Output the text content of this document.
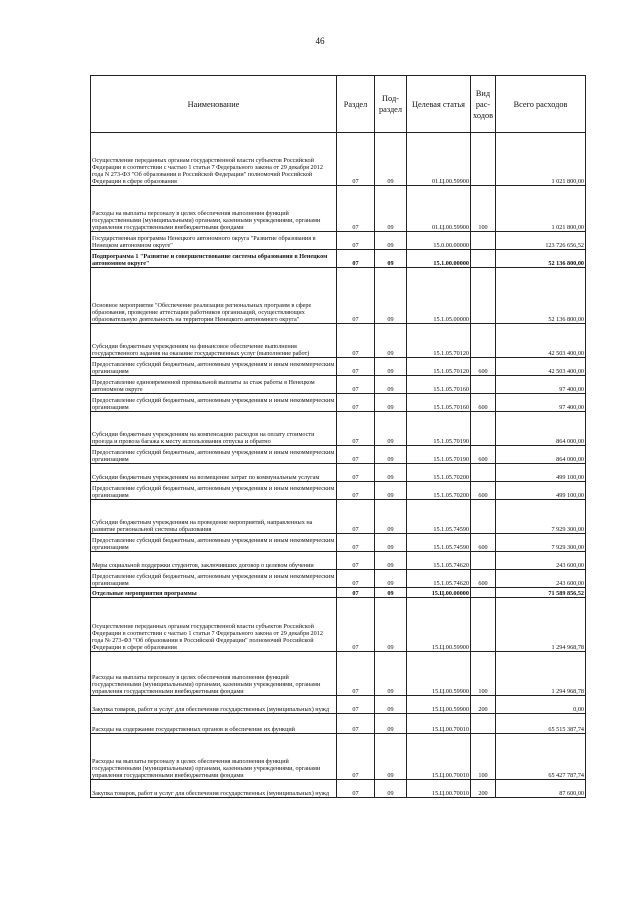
46
Наименование	Раздел	Под-раздел	Целевая статья	Вид рас-ходов	Всего расходов
Осуществление переданных органам государственной власти субъектов Российской Федерации в соответствии с частью 1 статьи 7 Федерального закона от 29 декабря 2012 года N 273-ФЗ "Об образовании в Российской Федерации" полномочий Российской Федерации в сфере образования	07	09	01.Ц.00.59900		1 021 800,00
Расходы на выплаты персоналу в целях обеспечения выполнения функций государственными (муниципальными) органами, казенными учреждениями, органами управления государственными внебюджетными фондами	07	09	01.Ц.00.59900	100	1 021 800,00
Государственная программа Ненецкого автономного округа "Развитие образования в Ненецком автономном округе"	07	09	15.0.00.00000		123 726 656,52
Подпрограмма 1 "Развитие и совершенствование системы образования в Ненецком автономном округе"	07	09	15.1.00.00000		52 136 800,00
Основное мероприятие "Обеспечение реализации региональных программ в сфере образования, проведение аттестации работников организаций, осуществляющих образовательную деятельность на территории Ненецкого автономного округа"	07	09	15.1.05.00000		52 136 800,00
Субсидии бюджетным учреждениям на финансовое обеспечение выполнения государственного задания на оказание государственных услуг (выполнение работ)	07	09	15.1.05.70120		42 503 400,00
Предоставление субсидий бюджетным, автономным учреждениям и иным некоммерческим организациям	07	09	15.1.05.70120	600	42 503 400,00
Предоставление единовременной премиальной выплаты за стаж работы в Ненецком автономном округе	07	09	15.1.05.70160		97 400,00
Предоставление субсидий бюджетным, автономным учреждениям и иным некоммерческим организациям	07	09	15.1.05.70160	600	97 400,00
Субсидии бюджетным учреждениям на компенсацию расходов на оплату стоимости проезда и провоза багажа к месту использования отпуска и обратно	07	09	15.1.05.70190		864 000,00
Предоставление субсидий бюджетным, автономным учреждениям и иным некоммерческим организациям	07	09	15.1.05.70190	600	864 000,00
Субсидии бюджетным учреждениям на возмещение затрат по коммунальным услугам	07	09	15.1.05.70200		499 100,00
Предоставление субсидий бюджетным, автономным учреждениям и иным некоммерческим организациям	07	09	15.1.05.70200	600	499 100,00
Субсидии бюджетным учреждениям на проведение мероприятий, направленных на развитие региональной системы образования	07	09	15.1.05.74590		7 929 300,00
Предоставление субсидий бюджетным, автономным учреждениям и иным некоммерческим организациям	07	09	15.1.05.74590	600	7 929 300,00
Меры социальной поддержки студентов, заключивших договор о целевом обучении	07	09	15.1.05.74620		243 600,00
Предоставление субсидий бюджетным, автономным учреждениям и иным некоммерческим организациям	07	09	15.1.05.74620	600	243 600,00
Отдельные мероприятия программы	07	09	15.Ц.00.00000		71 589 856,52
Осуществление переданных органам государственной власти субъектов Российской Федерации в соответствии с частью 1 статьи 7 Федерального закона от 29 декабря 2012 года № 273-ФЗ "Об образовании в Российской Федерации" полномочий Российской Федерации в сфере образования	07	09	15.Ц.00.59900		1 294 968,78
Расходы на выплаты персоналу в целях обеспечения выполнения функций государственными (муниципальными) органами, казенными учреждениями, органами управления государственными внебюджетными фондами	07	09	15.Ц.00.59900	100	1 294 968,78
Закупка товаров, работ и услуг для обеспечения государственных (муниципальных) нужд	07	09	15.Ц.00.59900	200	0,00
Расходы на содержание государственных органов и обеспечение их функций	07	09	15.Ц.00.70010		65 515 387,74
Расходы на выплаты персоналу в целях обеспечения выполнения функций государственными (муниципальными) органами, казенными учреждениями, органами управления государственными внебюджетными фондами	07	09	15.Ц.00.70010	100	65 427 787,74
Закупка товаров, работ и услуг для обеспечения государственных (муниципальных) нужд	07	09	15.Ц.00.70010	200	87 600,00
